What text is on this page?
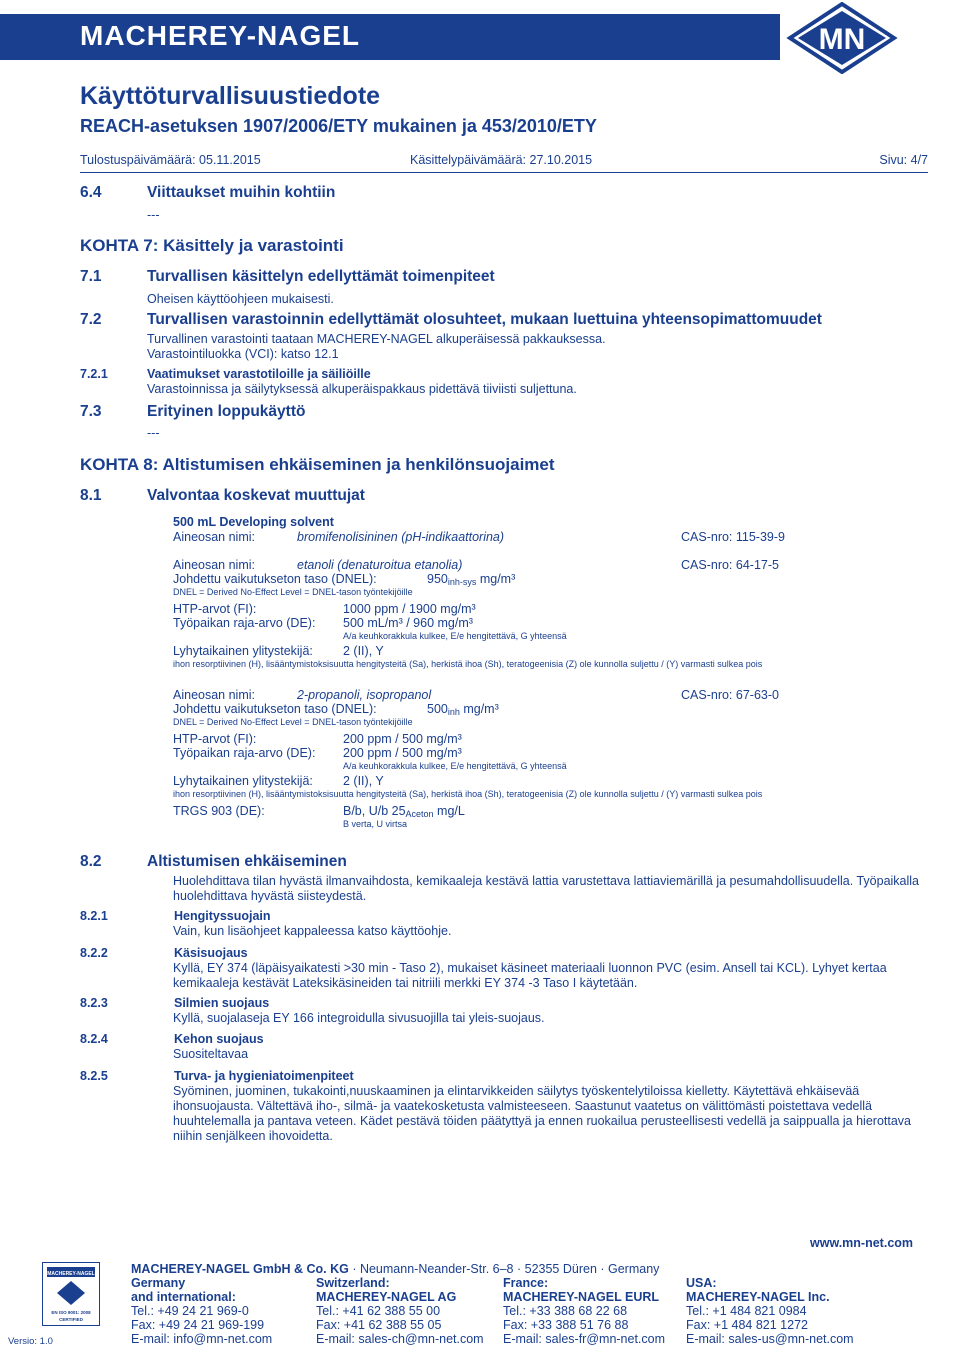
MACHEREY-NAGEL	MN
Käyttöturvallisuustiedote
REACH-asetuksen 1907/2006/ETY mukainen ja 453/2010/ETY
Tulostuspäivämäärä: 05.11.2015	Käsittelypäivämäärä: 27.10.2015	Sivu: 4/7
6.4	Viittaukset muihin kohtiin
---
KOHTA 7: Käsittely ja varastointi
7.1	Turvallisen käsittelyn edellyttämät toimenpiteet
Oheisen käyttöohjeen mukaisesti.
7.2	Turvallisen varastoinnin edellyttämät olosuhteet, mukaan luettuina yhteensopimattomuudet
Turvallinen varastointi taataan MACHEREY-NAGEL alkuperäisessä pakkauksessa.
Varastointiluokka (VCI): katso 12.1
7.2.1	Vaatimukset varastotiloille ja säiliöille
Varastoinnissa ja säilytyksessä alkuperäispakkaus pidettävä tiiviisti suljettuna.
7.3	Erityinen loppukäyttö
---
KOHTA 8: Altistumisen ehkäiseminen ja henkilönsuojaimet
8.1	Valvontaa koskevat muuttujat
500 mL Developing solvent
Aineosan nimi:	bromifenolisininen (pH-indikaattorina)	CAS-nro: 115-39-9
Aineosan nimi:	etanoli (denaturoitua etanolia)	CAS-nro: 64-17-5
Johdettu vaikutukseton taso (DNEL):	$950_{inh-sys}$ mg/m³
DNEL = Derived No-Effect Level = DNEL-tason työntekijöille
HTP-arvot (FI):	1000 ppm / 1900 mg/m³
Työpaikan raja-arvo (DE): 500 mL/m³ / 960 mg/m³
A/a keuhkorakkula kulkee, E/e hengitettävä, G yhteensä
Lyhytaikainen ylitystekijä: 2 (II), Y
ihon resorptiivinen (H), lisääntymistoksisuutta hengitysteitä (Sa), herkistä ihoa (Sh), teratogeenisia (Z) ole kunnolla suljettu / (Y) varmasti sulkea pois
Aineosan nimi:	2-propanoli, isopropanol	CAS-nro: 67-63-0
Johdettu vaikutukseton taso (DNEL):	$500_{inh}$ mg/m³
DNEL = Derived No-Effect Level = DNEL-tason työntekijöille
HTP-arvot (FI):	200 ppm / 500 mg/m³
Työpaikan raja-arvo (DE): 200 ppm / 500 mg/m³
A/a keuhkorakkula kulkee, E/e hengitettävä, G yhteensä
Lyhytaikainen ylitystekijä: 2 (II), Y
ihon resorptiivinen (H), lisääntymistoksisuutta hengitysteitä (Sa), herkistä ihoa (Sh), teratogeenisia (Z) ole kunnolla suljettu / (Y) varmasti sulkea pois
TRGS 903 (DE):	B/b, U/b $25_{Aceton}$ mg/L
B verta, U virtsa
8.2	Altistumisen ehkäiseminen
Huolehdittava tilan hyvästä ilmanvaihdosta, kemikaaleja kestävä lattia varustettava lattiaviemärillä ja pesumahdollisuudella. Työpaikalla huolehdittava hyvästä siisteydestä.
8.2.1	Hengityssuojain
Vain, kun lisäohjeet kappaleessa katso käyttöohje.
8.2.2	Käsisuojaus
Kyllä, EY 374 (läpäisyaikatesti >30 min - Taso 2), mukaiset käsineet materiaali luonnon PVC (esim. Ansell tai KCL). Lyhyet kertaa kemikaaleja kestävät Lateksikäsineiden tai nitriili merkki EY 374 -3 Taso I käytetään.
8.2.3	Silmien suojaus
Kyllä, suojalaseja EY 166 integroidulla sivusuojilla tai yleis-suojaus.
8.2.4	Kehon suojaus
Suositeltavaa
8.2.5	Turva- ja hygieniatoimenpiteet
Syöminen, juominen, tukakointi,nuuskaaminen ja elintarvikkeiden säilytys työskentelytiloissa kielletty. Käytettävä ehkäisevää ihonsuojausta. Vältettävä iho-, silmä- ja vaatekosketusta valmisteeseen. Saastunut vaatetus on välittömästi poistettava vedellä huuhtelemalla ja pantava veteen. Kädet pestävä töiden päätyttyä ja ennen ruokailua perusteellisesti vedellä ja saippualla ja hierottava niihin senjälkeen ihovoidetta.
MACHEREY-NAGEL
EN ISO 9001: 2008
CERTIFIED
Versio: 1.0
MACHEREY-NAGEL GmbH & Co. KG · Neumann-Neander-Str. 6–8 · 52355 Düren · Germany
www.mn-net.com
Germany
and international:
Tel.: +49 24 21 969-0
Fax: +49 24 21 969-199
E-mail: info@mn-net.com
Switzerland:
MACHEREY-NAGEL AG
Tel.: +41 62 388 55 00
Fax: +41 62 388 55 05
E-mail: sales-ch@mn-net.com
France:
MACHEREY-NAGEL EURL
Tel.: +33 388 68 22 68
Fax: +33 388 51 76 88
E-mail: sales-fr@mn-net.com
USA:
MACHEREY-NAGEL Inc.
Tel.: +1 484 821 0984
Fax: +1 484 821 1272
E-mail: sales-us@mn-net.com
